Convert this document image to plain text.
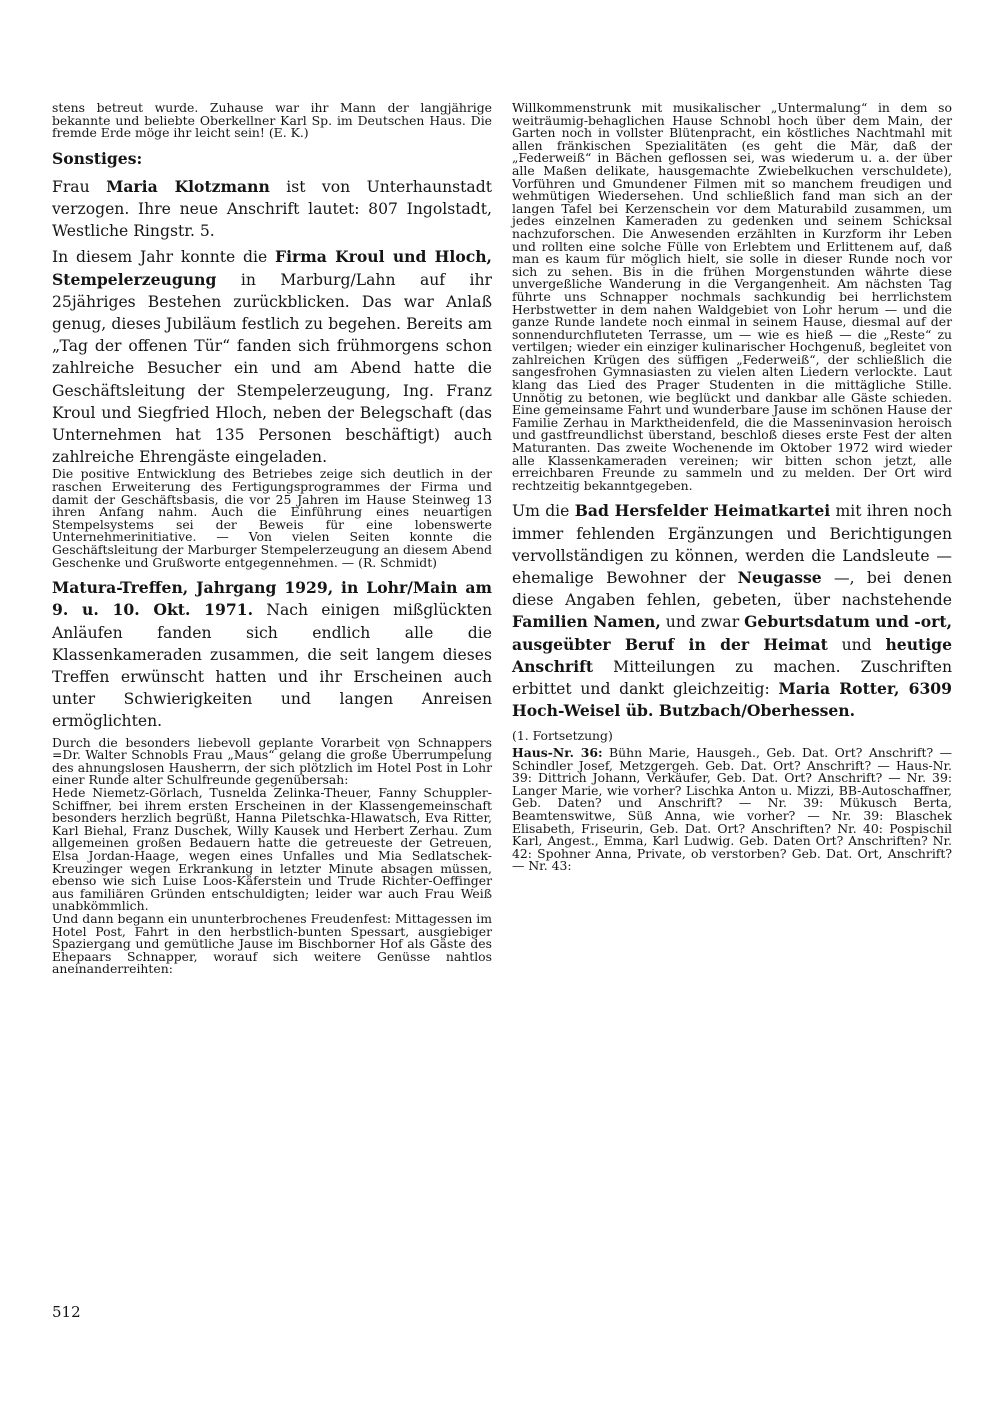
stens betreut wurde. Zuhause war ihr Mann der langjährige bekannte und beliebte Oberkellner Karl Sp. im Deutschen Haus. Die fremde Erde möge ihr leicht sein! (E. K.)

Sonstiges:

Frau Maria Klotzmann ist von Unterhaunstadt verzogen. Ihre neue Anschrift lautet: 807 Ingolstadt, Westliche Ringstr. 5.

In diesem Jahr konnte die Firma Kroul und Hloch, Stempelerzeugung in Marburg/Lahn auf ihr 25jähriges Bestehen zurückblicken. Das war Anlaß genug, dieses Jubiläum festlich zu begehen. Bereits am „Tag der offenen Tür“ fanden sich frühmorgens schon zahlreiche Besucher ein und am Abend hatte die Geschäftsleitung der Stempelerzeugung, Ing. Franz Kroul und Siegfried Hloch, neben der Belegschaft (das Unternehmen hat 135 Personen beschäftigt) auch zahlreiche Ehrengäste eingeladen.

Die positive Entwicklung des Betriebes zeige sich deutlich in der raschen Erweiterung des Fertigungsprogrammes der Firma und damit der Geschäftsbasis, die vor 25 Jahren im Hause Steinweg 13 ihren Anfang nahm. Auch die Einführung eines neuartigen Stempelsystems sei der Beweis für eine lobenswerte Unternehmerinitiative. — Von vielen Seiten konnte die Geschäftsleitung der Marburger Stempelerzeugung an diesem Abend Geschenke und Grußworte entgegennehmen. — (R. Schmidt)

Matura-Treffen, Jahrgang 1929, in Lohr/Main am 9. u. 10. Okt. 1971. Nach einigen mißglückten Anläufen fanden sich endlich alle die Klassenkameraden zusammen, die seit langem dieses Treffen erwünscht hatten und ihr Erscheinen auch unter Schwierigkeiten und langen Anreisen ermöglichten.

Durch die besonders liebevoll geplante Vorarbeit von Schnappers =Dr. Walter Schnobls Frau „Maus“ gelang die große Überrumpelung des ahnungslosen Hausherrn, der sich plötzlich im Hotel Post in Lohr einer Runde alter Schulfreunde gegenübersah:

Hede Niemetz-Görlach, Tusnelda Zelinka-Theuer, Fanny Schuppler-Schiffner, bei ihrem ersten Erscheinen in der Klassengemeinschaft besonders herzlich begrüßt, Hanna Piletschka-Hlawatsch, Eva Ritter, Karl Biehal, Franz Duschek, Willy Kausek und Herbert Zerhau. Zum allgemeinen großen Bedauern hatte die getreueste der Getreuen, Elsa Jordan-Haage, wegen eines Unfalles und Mia Sedlatschek-Kreuzinger wegen Erkrankung in letzter Minute absagen müssen, ebenso wie sich Luise Loos-Käferstein und Trude Richter-Oeffinger aus familiären Gründen entschuldigten; leider war auch Frau Weiß unabkömmlich.

Und dann begann ein ununterbrochenes Freudenfest: Mittagessen im Hotel Post, Fahrt in den herbstlich-bunten Spessart, ausgiebiger Spaziergang und gemütliche Jause im Bischborner Hof als Gäste des Ehepaars Schnapper, worauf sich weitere Genüsse nahtlos aneinanderreihten:

Willkommenstrunk mit musikalischer „Untermalung“ in dem so weiträumig-behaglichen Hause Schnobl hoch über dem Main, der Garten noch in vollster Blütenpracht, ein köstliches Nachtmahl mit allen fränkischen Spezialitäten (es geht die Mär, daß der „Federweiß“ in Bächen geflossen sei, was wiederum u. a. der über alle Maßen delikate, hausgemachte Zwiebelkuchen verschuldete), Vorführen und Gmundener Filmen mit so manchem freudigen und wehmütigen Wiedersehen. Und schließlich fand man sich an der langen Tafel bei Kerzenschein vor dem Maturabild zusammen, um jedes einzelnen Kameraden zu gedenken und seinem Schicksal nachzuforschen. Die Anwesenden erzählten in Kurzform ihr Leben und rollten eine solche Fülle von Erlebtem und Erlittenem auf, daß man es kaum für möglich hielt, sie solle in dieser Runde noch vor sich zu sehen. Bis in die frühen Morgenstunden währte diese unvergeßliche Wanderung in die Vergangenheit. Am nächsten Tag führte uns Schnapper nochmals sachkundig bei herrlichstem Herbstwetter in dem nahen Waldgebiet von Lohr herum — und die ganze Runde landete noch einmal in seinem Hause, diesmal auf der sonnendurchfluteten Terrasse, um — wie es hieß — die „Reste“ zu vertilgen; wieder ein einziger kulinarischer Hochgenuß, begleitet von zahlreichen Krügen des süffigen „Federweiß“, der schließlich die sangesfrohen Gymnasiasten zu vielen alten Liedern verlockte. Laut klang das Lied des Prager Studenten in die mittägliche Stille. Unnötig zu betonen, wie beglückt und dankbar alle Gäste schieden. Eine gemeinsame Fahrt und wunderbare Jause im schönen Hause der Familie Zerhau in Marktheidenfeld, die die Masseninvasion heroisch und gastfreundlichst überstand, beschloß dieses erste Fest der alten Maturanten. Das zweite Wochenende im Oktober 1972 wird wieder alle Klassenkameraden vereinen; wir bitten schon jetzt, alle erreichbaren Freunde zu sammeln und zu melden. Der Ort wird rechtzeitig bekanntgegeben.

Um die Bad Hersfelder Heimatkartei mit ihren noch immer fehlenden Ergänzungen und Berichtigungen vervollständigen zu können, werden die Landsleute — ehemalige Bewohner der Neugasse —, bei denen diese Angaben fehlen, gebeten, über nachstehende Familien Namen, und zwar Geburtsdatum und -ort, ausgeübter Beruf in der Heimat und heutige Anschrift Mitteilungen zu machen. Zuschriften erbittet und dankt gleichzeitig: Maria Rotter, 6309 Hoch-Weisel üb. Butzbach/Oberhessen.

(1. Fortsetzung)

Haus-Nr. 36: Bühn Marie, Hausgeh., Geb. Dat. Ort? Anschrift? — Schindler Josef, Metzgergeh. Geb. Dat. Ort? Anschrift? — Haus-Nr. 39: Dittrich Johann, Verkäufer, Geb. Dat. Ort? Anschrift? — Nr. 39: Langer Marie, wie vorher? Lischka Anton u. Mizzi, BB-Autoschaffner, Geb. Daten? und Anschrift? — Nr. 39: Mükusch Berta, Beamtenswitwe, Süß Anna, wie vorher? — Nr. 39: Blaschek Elisabeth, Friseurin, Geb. Dat. Ort? Anschriften? Nr. 40: Pospischil Karl, Angest., Emma, Karl Ludwig. Geb. Daten Ort? Anschriften? Nr. 42: Spohner Anna, Private, ob verstorben? Geb. Dat. Ort, Anschrift? — Nr. 43:

512
